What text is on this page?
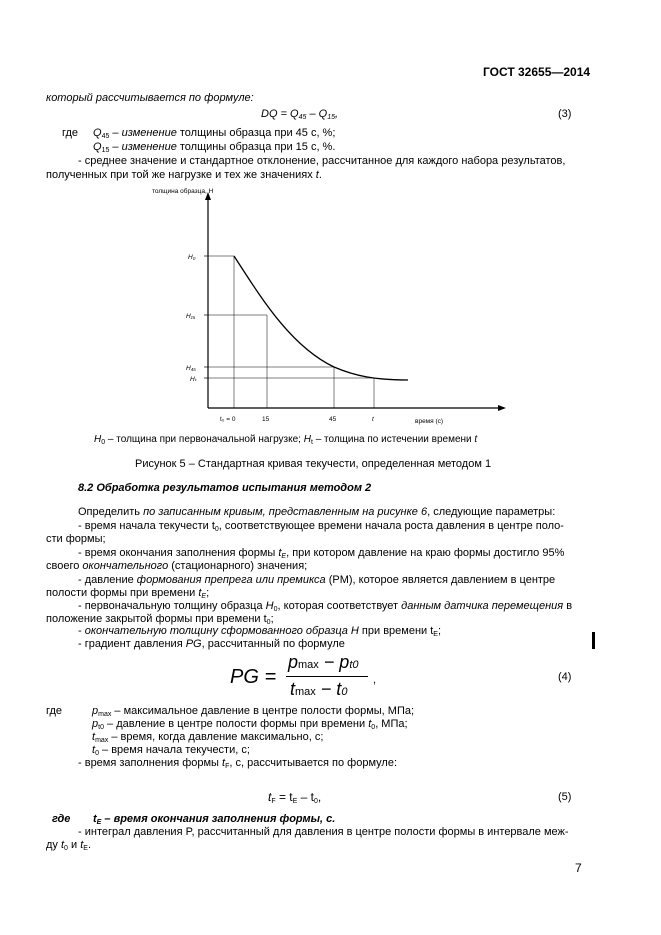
ГОСТ 32655—2014
который рассчитывается по формуле:
DQ = $Q_{45} - Q_{15}$,	(3)
где $Q_{45}$ – изменение толщины образца при 45 с, %;
$Q_{15}$ – изменение толщины образца при 15 с, %.
- среднее значение и стандартное отклонение, рассчитанное для каждого набора результатов,
полученных при той же нагрузке и тех же значениях t.
толщина образца, H
время (с)
H₀
H₁₅
H₄₅
Hₜ
t₀ = 0	15	45	t
$H_0$ – толщина при первоначальной нагрузке; $H_t$ – толщина по истечении времени t
Рисунок 5 – Стандартная кривая текучести, определенная методом 1
8.2 Обработка результатов испытания методом 2
Определить по записанным кривым, представленным на рисунке 6, следующие параметры:
- время начала текучести $t_0$, соответствующее времени начала роста давления в центре поло-
сти формы;
- время окончания заполнения формы $t_E$, при котором давление на краю формы достигло 95%
своего окончательного (стационарного) значения;
- давление формования препрега или премикса (PM), которое является давлением в центре
полости формы при времени $t_E$;
- первоначальную толщину образца $H_0$, которая соответствует данным датчика перемещения в
положение закрытой формы при времени $t_0$;
- окончательную толщину сформованного образца H при времени $t_E$;
- градиент давления PG, рассчитанный по формуле
PG =
pmax − pt0
tmax − t0
,	(4)
где	$p_{max}$ – максимальное давление в центре полости формы, МПа;
$p_{t0}$ – давление в центре полости формы при времени $t_0$, МПа;
$t_{max}$ – время, когда давление максимально, с;
$t_0$ – время начала текучести, с;
- время заполнения формы $t_F$, с, рассчитывается по формуле:
$t_F = t_E - t_0$,	(5)
где $t_E$ – время окончания заполнения формы, с.
- интеграл давления P, рассчитанный для давления в центре полости формы в интервале меж-
ду $t_0$ и $t_E$.
7
